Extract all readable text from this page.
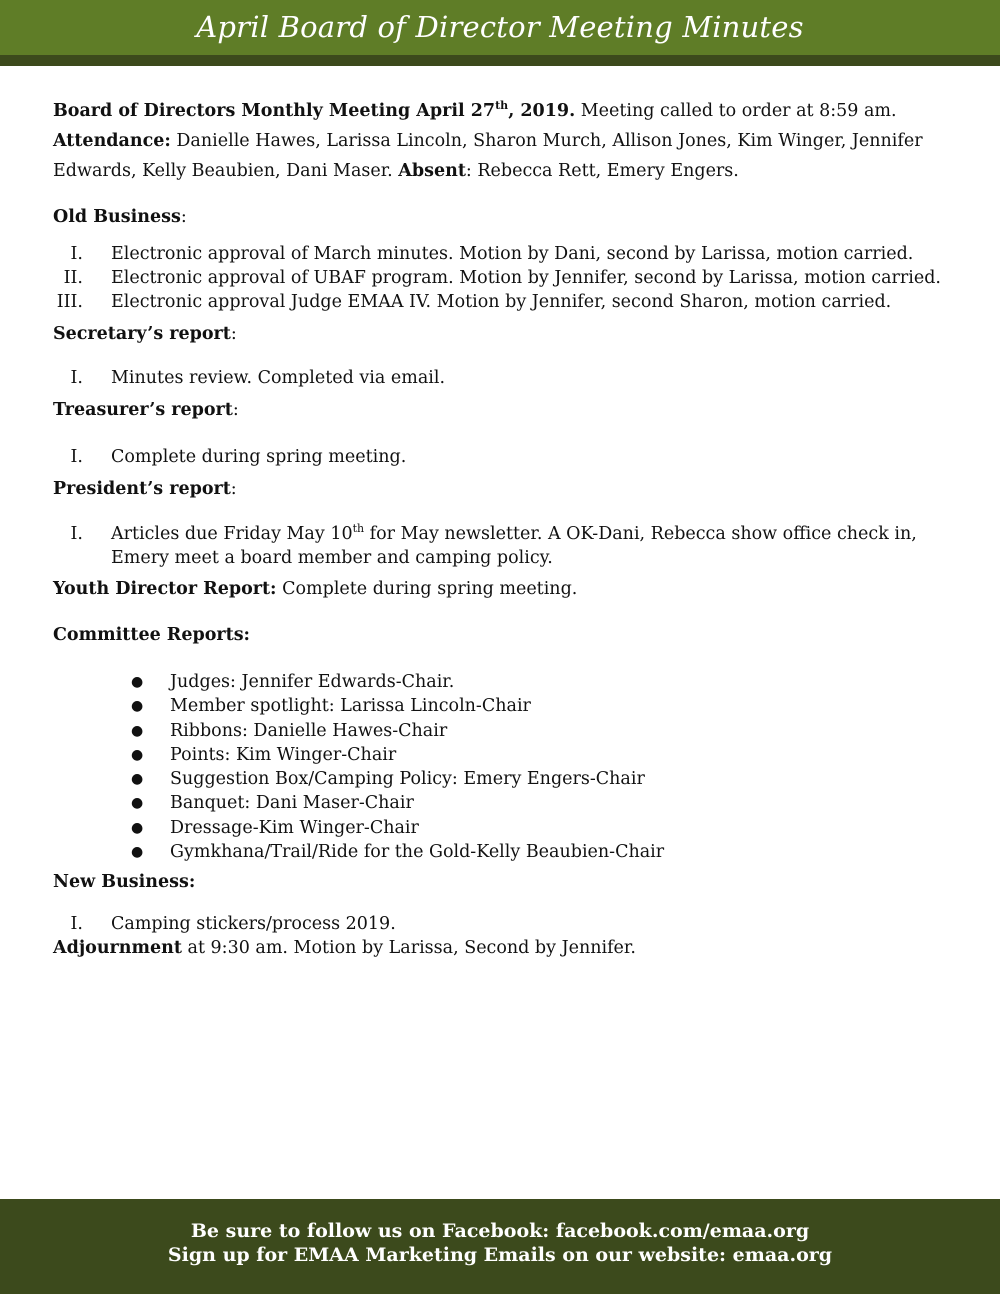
April Board of Director Meeting Minutes
Board of Directors Monthly Meeting April 27th, 2019. Meeting called to order at 8:59 am.
Attendance: Danielle Hawes, Larissa Lincoln, Sharon Murch, Allison Jones, Kim Winger, Jennifer
Edwards, Kelly Beaubien, Dani Maser. Absent: Rebecca Rett, Emery Engers.
Old Business:
I. Electronic approval of March minutes. Motion by Dani, second by Larissa, motion carried.
II. Electronic approval of UBAF program. Motion by Jennifer, second by Larissa, motion carried.
III. Electronic approval Judge EMAA IV. Motion by Jennifer, second Sharon, motion carried.
Secretary’s report:
I. Minutes review. Completed via email.
Treasurer’s report:
I. Complete during spring meeting.
President’s report:
I. Articles due Friday May 10th for May newsletter. A OK-Dani, Rebecca show office check in,
Emery meet a board member and camping policy.
Youth Director Report: Complete during spring meeting.
Committee Reports:
● Judges: Jennifer Edwards-Chair.
● Member spotlight: Larissa Lincoln-Chair
● Ribbons: Danielle Hawes-Chair
● Points: Kim Winger-Chair
● Suggestion Box/Camping Policy: Emery Engers-Chair
● Banquet: Dani Maser-Chair
● Dressage-Kim Winger-Chair
● Gymkhana/Trail/Ride for the Gold-Kelly Beaubien-Chair
New Business:
I. Camping stickers/process 2019.
Adjournment at 9:30 am. Motion by Larissa, Second by Jennifer.
Be sure to follow us on Facebook: facebook.com/emaa.org
Sign up for EMAA Marketing Emails on our website: emaa.org
